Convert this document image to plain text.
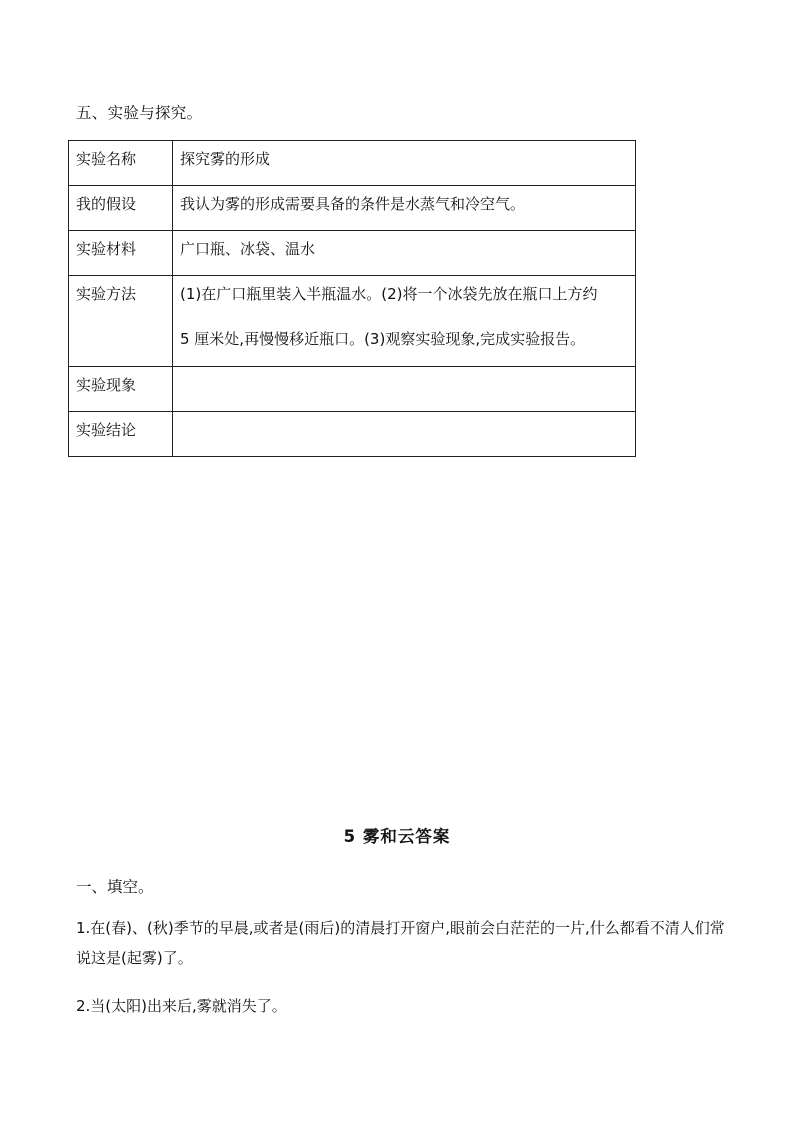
五、实验与探究。
实验名称	探究雾的形成
我的假设	我认为雾的形成需要具备的条件是水蒸气和冷空气。
实验材料	广口瓶、冰袋、温水
实验方法	(1)在广口瓶里装入半瓶温水。(2)将一个冰袋先放在瓶口上方约
5 厘米处,再慢慢移近瓶口。(3)观察实验现象,完成实验报告。

实验现象	
实验结论	
5 雾和云答案
一、填空。
1.在(春)、(秋)季节的早晨,或者是(雨后)的清晨打开窗户,眼前会白茫茫的一片,什么都看不清人们常说这是(起雾)了。
2.当(太阳)出来后,雾就消失了。
